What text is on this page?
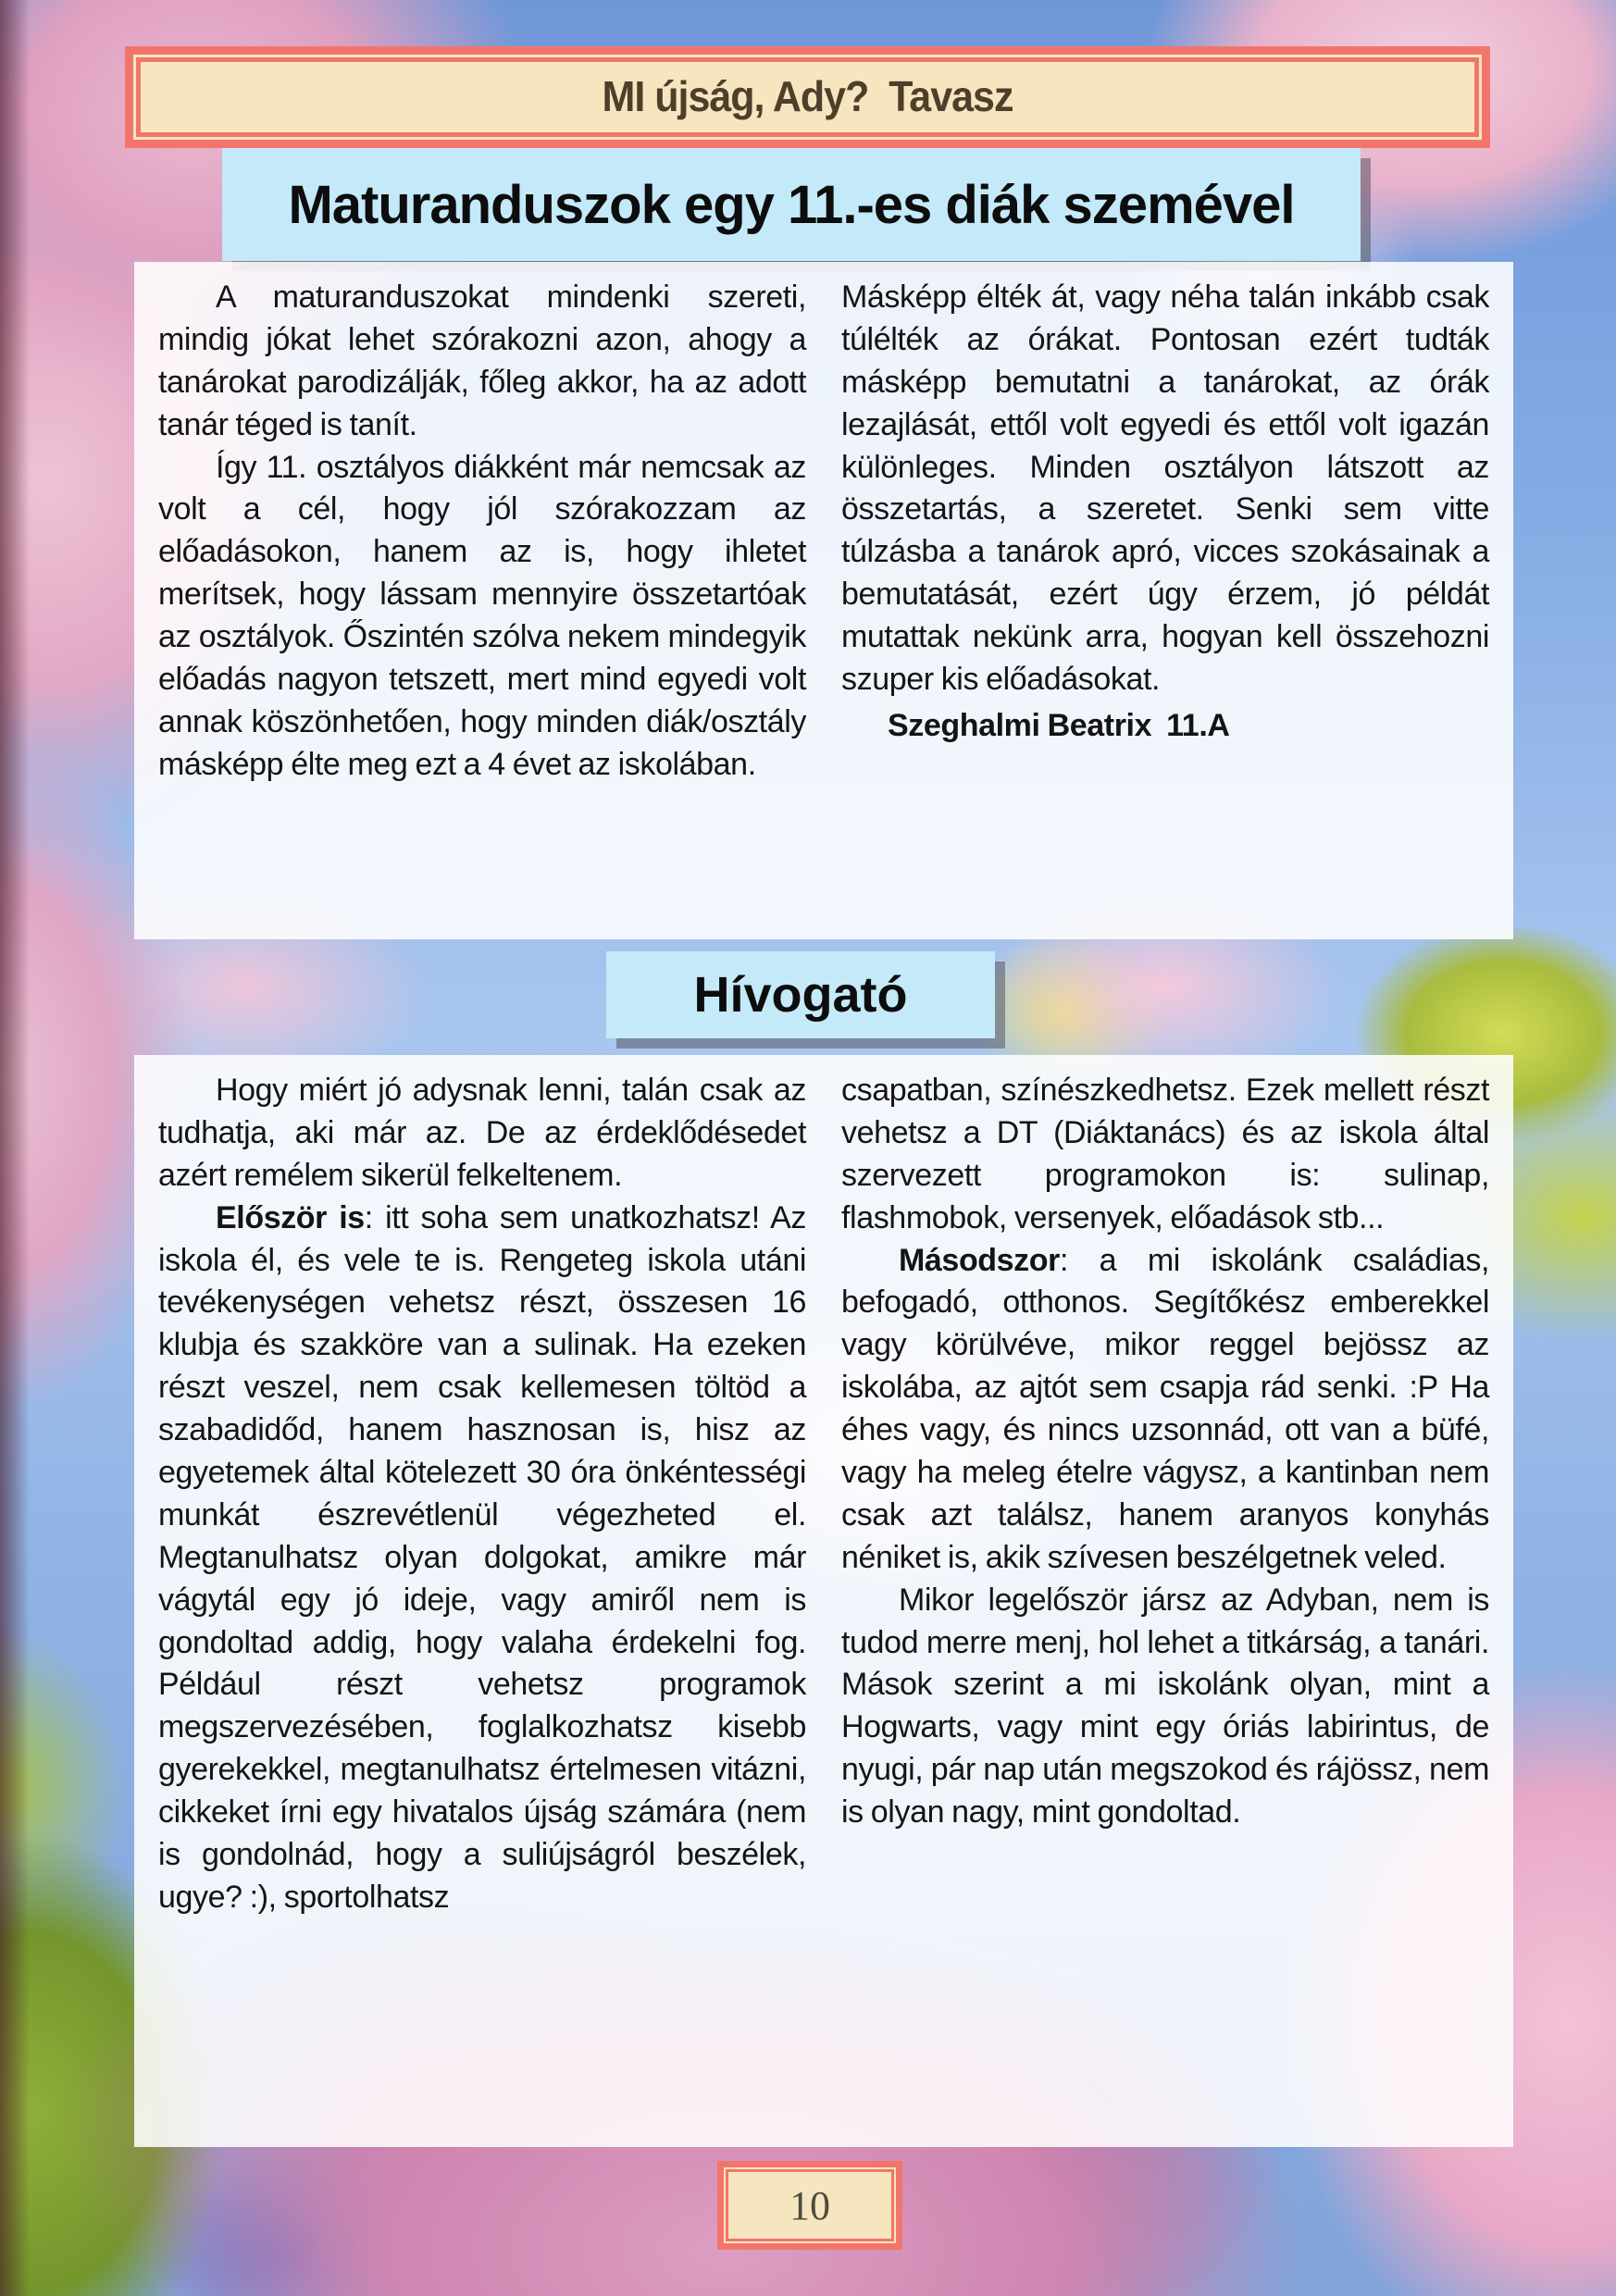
MI újság, Ady?  Tavasz
Maturanduszok egy 11.-es diák szemével

A maturanduszokat mindenki szereti, mindig jókat lehet szórakozni azon, ahogy a tanárokat parodizálják, főleg akkor, ha az adott tanár téged is tanít.

Így 11. osztályos diákként már nemcsak az volt a cél, hogy jól szórakozzam az előadásokon, hanem az is, hogy ihletet merítsek, hogy lássam mennyire összetartóak az osztályok. Őszintén szólva nekem mindegyik előadás nagyon tetszett, mert mind egyedi volt annak köszönhetően, hogy minden diák/osztály másképp élte meg ezt a 4 évet az iskolában.

Másképp élték át, vagy néha talán inkább csak túlélték az órákat. Pontosan ezért tudták másképp bemutatni a tanárokat, az órák lezajlását, ettől volt egyedi és ettől volt igazán különleges. Minden osztályon látszott az összetartás, a szeretet. Senki sem vitte túlzásba a tanárok apró, vicces szokásainak a bemutatását, ezért úgy érzem, jó példát mutattak nekünk arra, hogyan kell összehozni szuper kis előadásokat.

Szeghalmi Beatrix  11.A

Hívogató

Hogy miért jó adysnak lenni, talán csak az tudhatja, aki már az. De az érdeklődésedet azért remélem sikerül felkeltenem.

Először is: itt soha sem unatkozhatsz! Az iskola él, és vele te is. Rengeteg iskola utáni tevékenységen vehetsz részt, összesen 16 klubja és szakköre van a sulinak. Ha ezeken részt veszel, nem csak kellemesen töltöd a szabadidőd, hanem hasznosan is, hisz az egyetemek által kötelezett 30 óra önkéntességi munkát észrevétlenül végezheted el. Megtanulhatsz olyan dolgokat, amikre már vágytál egy jó ideje, vagy amiről nem is gondoltad addig, hogy valaha érdekelni fog. Például részt vehetsz programok megszervezésében, foglalkozhatsz kisebb gyerekekkel, megtanulhatsz értelmesen vitázni, cikkeket írni egy hivatalos újság számára (nem is gondolnád, hogy a suliújságról beszélek, ugye? :), sportolhatsz

csapatban, színészkedhetsz. Ezek mellett részt vehetsz a DT (Diáktanács) és az iskola által szervezett programokon is: sulinap, flashmobok, versenyek, előadások stb...

Másodszor: a mi iskolánk családias, befogadó, otthonos. Segítőkész emberekkel vagy körülvéve, mikor reggel bejössz az iskolába, az ajtót sem csapja rád senki. :P Ha éhes vagy, és nincs uzsonnád, ott van a büfé, vagy ha meleg ételre vágysz, a kantinban nem csak azt találsz, hanem aranyos konyhás néniket is, akik szívesen beszélgetnek veled.

Mikor legelőször jársz az Adyban, nem is tudod merre menj, hol lehet a titkárság, a tanári. Mások szerint a mi iskolánk olyan, mint a Hogwarts, vagy mint egy óriás labirintus, de nyugi, pár nap után megszokod és rájössz, nem is olyan nagy, mint gondoltad.

10
